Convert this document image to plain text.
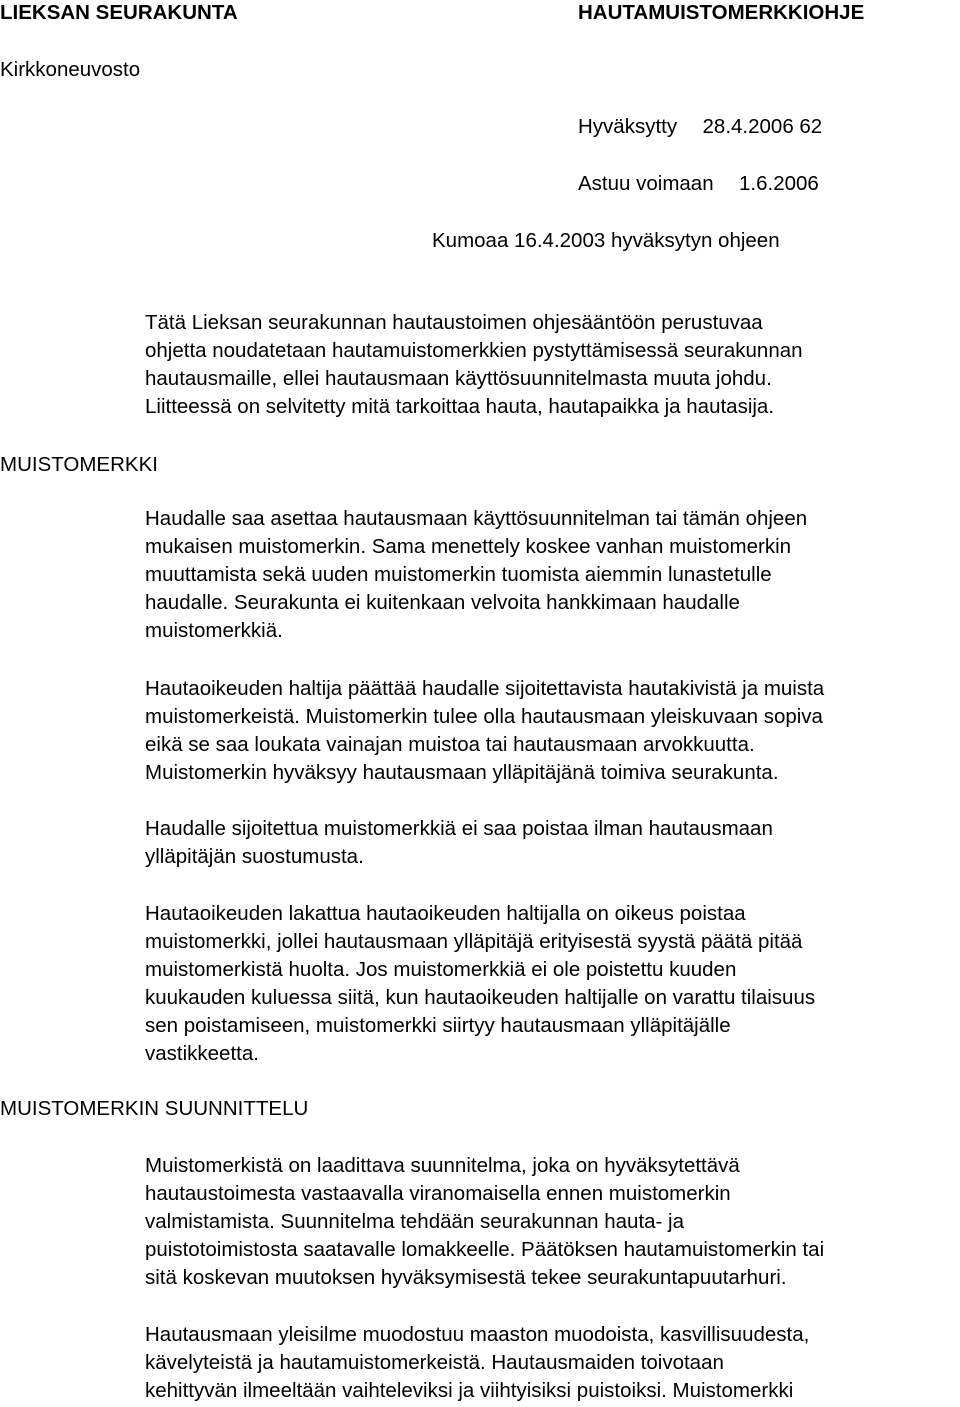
LIEKSAN SEURAKUNTA	HAUTAMUISTOMERKKIOHJE
Kirkkoneuvosto
Hyväksytty 28.4.2006 62
Astuu voimaan 1.6.2006
Kumoaa 16.4.2003 hyväksytyn ohjeen
MUISTOMERKKI
MUISTOMERKIN SUUNNITTELU
Tätä Lieksan seurakunnan hautaustoimen ohjesääntöön perustuvaa
ohjetta noudatetaan hautamuistomerkkien pystyttämisessä seurakunnan
hautausmaille, ellei hautausmaan käyttösuunnitelmasta muuta johdu.
Liitteessä on selvitetty mitä tarkoittaa hauta, hautapaikka ja hautasija.
Haudalle saa asettaa hautausmaan käyttösuunnitelman tai tämän ohjeen
mukaisen muistomerkin. Sama menettely koskee vanhan muistomerkin
muuttamista sekä uuden muistomerkin tuomista aiemmin lunastetulle
haudalle. Seurakunta ei kuitenkaan velvoita hankkimaan haudalle
muistomerkkiä.
Hautaoikeuden haltija päättää haudalle sijoitettavista hautakivistä ja muista
muistomerkeistä. Muistomerkin tulee olla hautausmaan yleiskuvaan sopiva
eikä se saa loukata vainajan muistoa tai hautausmaan arvokkuutta.
Muistomerkin hyväksyy hautausmaan ylläpitäjänä toimiva seurakunta.
Haudalle sijoitettua muistomerkkiä ei saa poistaa ilman hautausmaan
ylläpitäjän suostumusta.
Hautaoikeuden lakattua hautaoikeuden haltijalla on oikeus poistaa
muistomerkki, jollei hautausmaan ylläpitäjä erityisestä syystä päätä pitää
muistomerkistä huolta. Jos muistomerkkiä ei ole poistettu kuuden
kuukauden kuluessa siitä, kun hautaoikeuden haltijalle on varattu tilaisuus
sen poistamiseen, muistomerkki siirtyy hautausmaan ylläpitäjälle
vastikkeetta.
Muistomerkistä on laadittava suunnitelma, joka on hyväksytettävä
hautaustoimesta vastaavalla viranomaisella ennen muistomerkin
valmistamista. Suunnitelma tehdään seurakunnan hauta- ja
puistotoimistosta saatavalle lomakkeelle. Päätöksen hautamuistomerkin tai
sitä koskevan muutoksen hyväksymisestä tekee seurakuntapuutarhuri.
Hautausmaan yleisilme muodostuu maaston muodoista, kasvillisuudesta,
kävelyteistä ja hautamuistomerkeistä. Hautausmaiden toivotaan
kehittyvän ilmeeltään vaihteleviksi ja viihtyisiksi puistoiksi. Muistomerkki
